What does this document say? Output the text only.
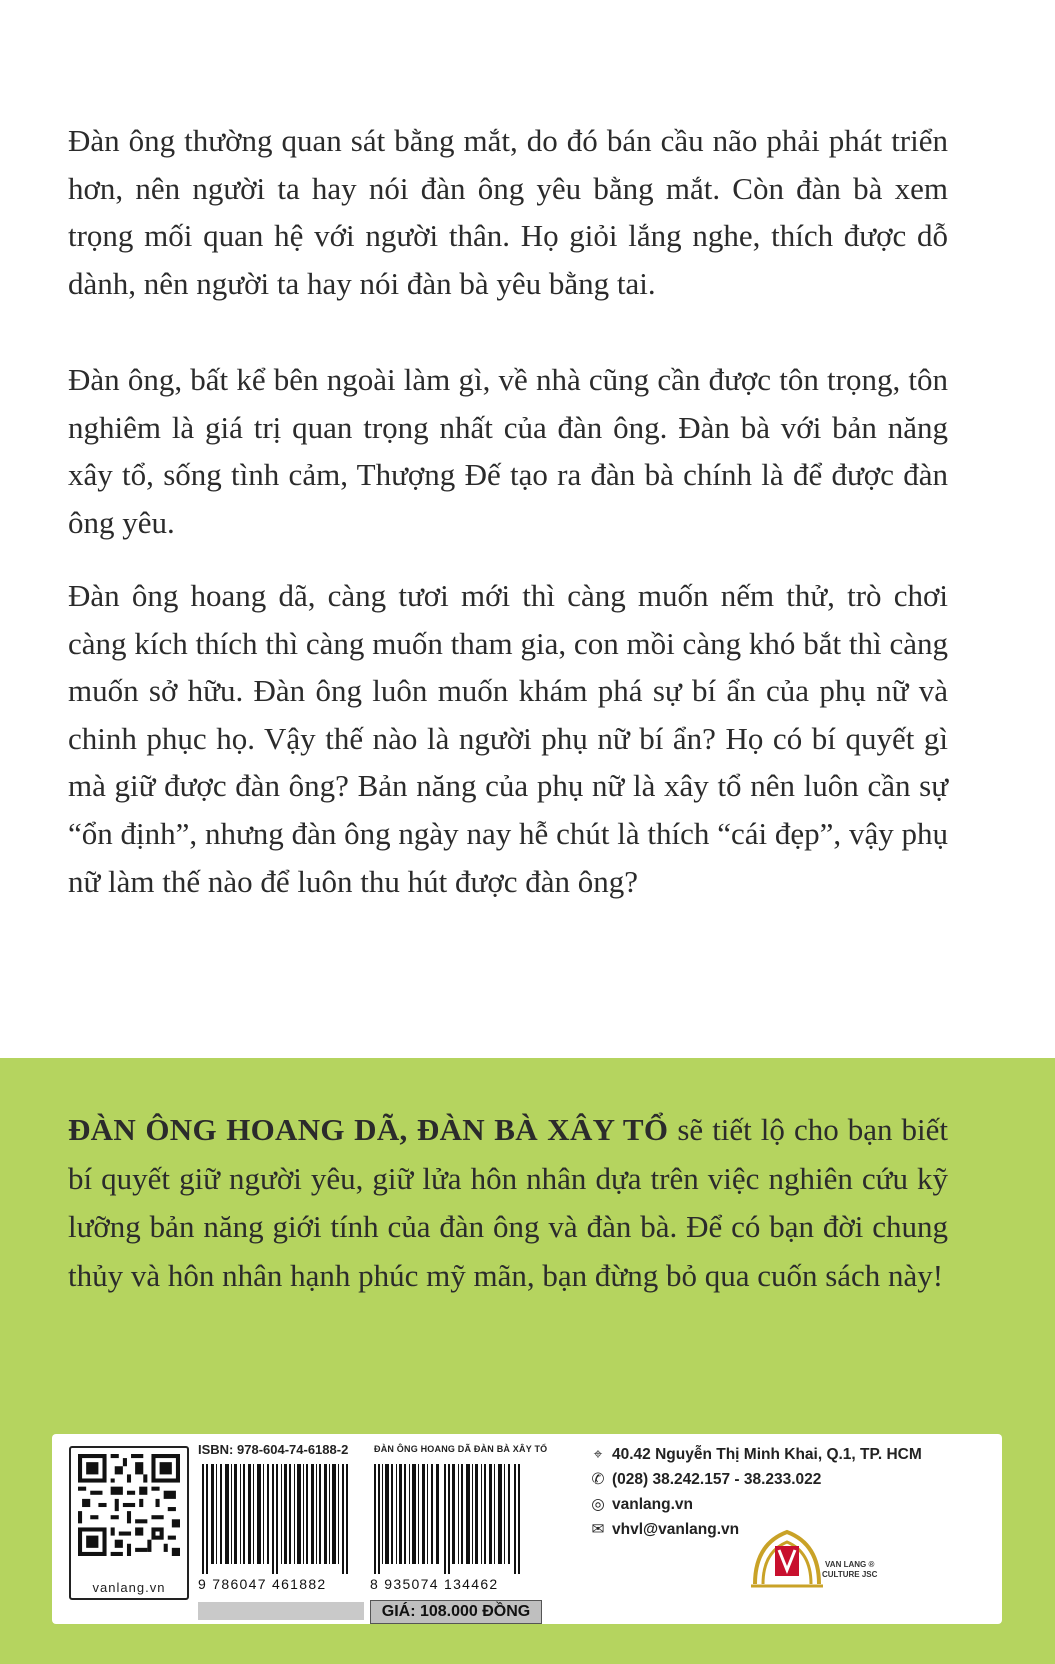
Đàn ông thường quan sát bằng mắt, do đó bán cầu não phải phát triển hơn, nên người ta hay nói đàn ông yêu bằng mắt. Còn đàn bà xem trọng mối quan hệ với người thân. Họ giỏi lắng nghe, thích được dỗ dành, nên người ta hay nói đàn bà yêu bằng tai.

Đàn ông, bất kể bên ngoài làm gì, về nhà cũng cần được tôn trọng, tôn nghiêm là giá trị quan trọng nhất của đàn ông. Đàn bà với bản năng xây tổ, sống tình cảm, Thượng Đế tạo ra đàn bà chính là để được đàn ông yêu.

Đàn ông hoang dã, càng tươi mới thì càng muốn nếm thử, trò chơi càng kích thích thì càng muốn tham gia, con mồi càng khó bắt thì càng muốn sở hữu. Đàn ông luôn muốn khám phá sự bí ẩn của phụ nữ và chinh phục họ. Vậy thế nào là người phụ nữ bí ẩn? Họ có bí quyết gì mà giữ được đàn ông? Bản năng của phụ nữ là xây tổ nên luôn cần sự “ổn định”, nhưng đàn ông ngày nay hễ chút là thích “cái đẹp”, vậy phụ nữ làm thế nào để luôn thu hút được đàn ông?

ĐÀN ÔNG HOANG DÃ, ĐÀN BÀ XÂY TỔ sẽ tiết lộ cho bạn biết bí quyết giữ người yêu, giữ lửa hôn nhân dựa trên việc nghiên cứu kỹ lưỡng bản năng giới tính của đàn ông và đàn bà. Để có bạn đời chung thủy và hôn nhân hạnh phúc mỹ mãn, bạn đừng bỏ qua cuốn sách này!

vanlang.vn
ISBN: 978-604-74-6188-2
9 786047 461882
ĐÀN ÔNG HOANG DÃ ĐÀN BÀ XÂY TỔ
8 935074 134462
GIÁ: 108.000 ĐỒNG
⌖ 40.42 Nguyễn Thị Minh Khai, Q.1, TP. HCM
✆ (028) 38.242.157 - 38.233.022
◎ vanlang.vn
✉ vhvl@vanlang.vn
VAN LANG ®
CULTURE JSC
